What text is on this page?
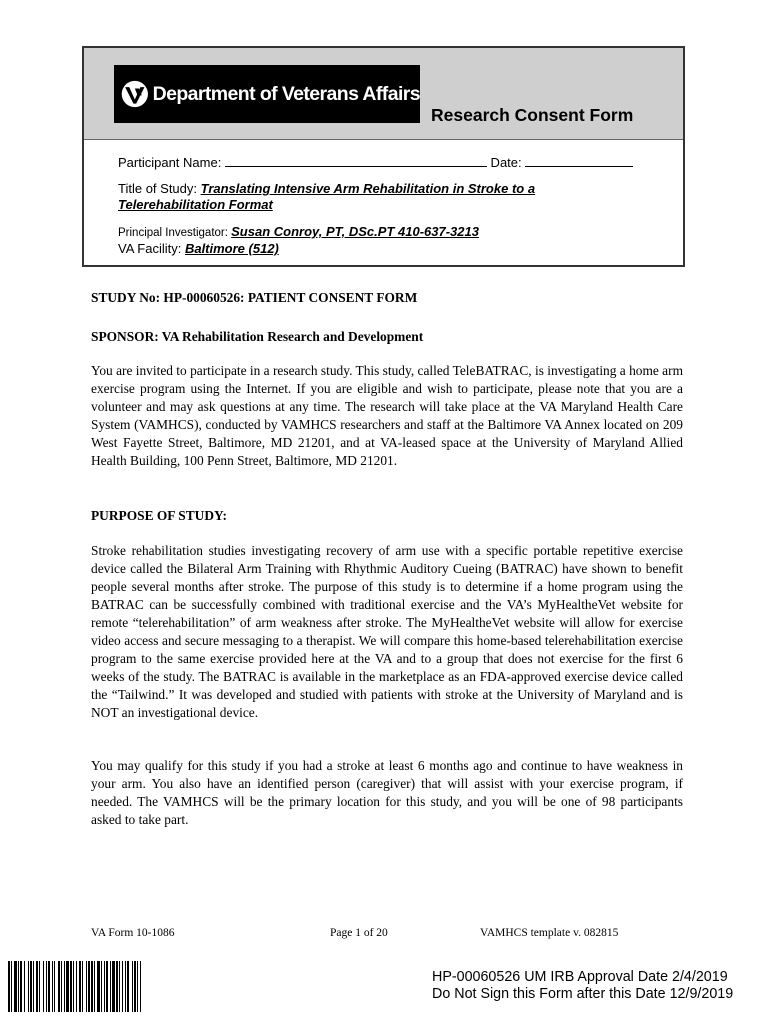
Department of Veterans Affairs
Research Consent Form
Participant Name:	Date:
Title of Study: Translating Intensive Arm Rehabilitation in Stroke to a
Telerehabilitation Format
Principal Investigator: Susan Conroy, PT, DSc.PT 410-637-3213
VA Facility: Baltimore (512)
STUDY No: HP-00060526: PATIENT CONSENT FORM
SPONSOR: VA Rehabilitation Research and Development
You are invited to participate in a research study. This study, called TeleBATRAC, is investigating a home arm exercise program using the Internet. If you are eligible and wish to participate, please note that you are a volunteer and may ask questions at any time. The research will take place at the VA Maryland Health Care System (VAMHCS), conducted by VAMHCS researchers and staff at the Baltimore VA Annex located on 209 West Fayette Street, Baltimore, MD 21201, and at VA-leased space at the University of Maryland Allied Health Building, 100 Penn Street, Baltimore, MD 21201.
PURPOSE OF STUDY:
Stroke rehabilitation studies investigating recovery of arm use with a specific portable repetitive exercise device called the Bilateral Arm Training with Rhythmic Auditory Cueing (BATRAC) have shown to benefit people several months after stroke. The purpose of this study is to determine if a home program using the BATRAC can be successfully combined with traditional exercise and the VA’s MyHealtheVet website for remote “telerehabilitation” of arm weakness after stroke. The MyHealtheVet website will allow for exercise video access and secure messaging to a therapist. We will compare this home-based telerehabilitation exercise program to the same exercise provided here at the VA and to a group that does not exercise for the first 6 weeks of the study. The BATRAC is available in the marketplace as an FDA-approved exercise device called the “Tailwind.” It was developed and studied with patients with stroke at the University of Maryland and is NOT an investigational device.
You may qualify for this study if you had a stroke at least 6 months ago and continue to have weakness in your arm. You also have an identified person (caregiver) that will assist with your exercise program, if needed. The VAMHCS will be the primary location for this study, and you will be one of 98 participants asked to take part.
VA Form 10-1086	Page 1 of 20	VAMHCS template v. 082815
HP-00060526 UM IRB Approval Date 2/4/2019
Do Not Sign this Form after this Date 12/9/2019
